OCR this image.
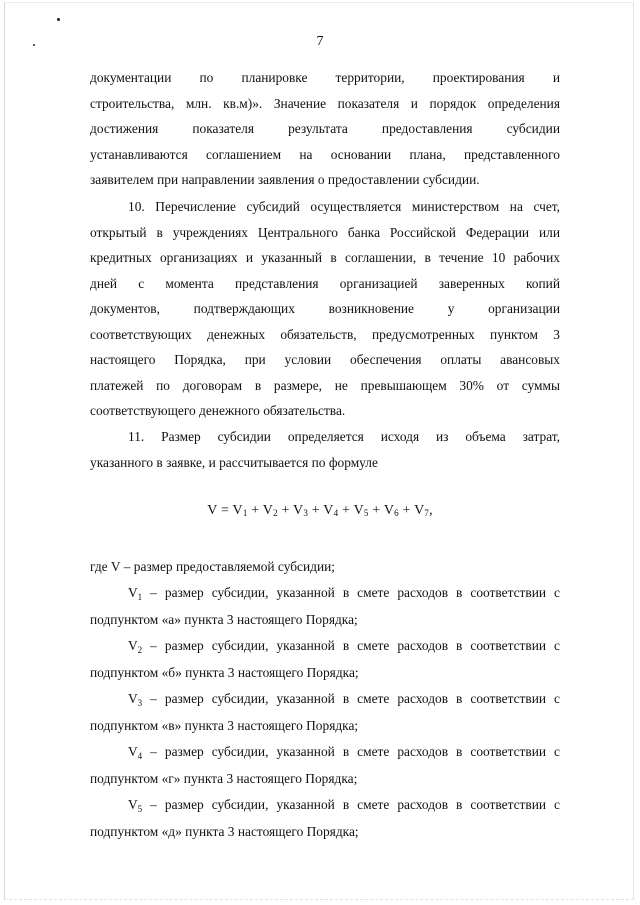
7
документации по планировке территории, проектирования и
строительства, млн. кв.м)». Значение показателя и порядок определения
достижения показателя результата предоставления субсидии
устанавливаются соглашением на основании плана, представленного
заявителем при направлении заявления о предоставлении субсидии.
10. Перечисление субсидий осуществляется министерством на счет,
открытый в учреждениях Центрального банка Российской Федерации или
кредитных организациях и указанный в соглашении, в течение 10 рабочих
дней с момента представления организацией заверенных копий
документов, подтверждающих возникновение у организации
соответствующих денежных обязательств, предусмотренных пунктом 3
настоящего Порядка, при условии обеспечения оплаты авансовых
платежей по договорам в размере, не превышающем 30% от суммы
соответствующего денежного обязательства.
11. Размер субсидии определяется исходя из объема затрат,
указанного в заявке, и рассчитывается по формуле
$V = V_1 + V_2 + V_3 + V_4 + V_5 + V_6 + V_7$,
где V – размер предоставляемой субсидии;
$V_1$ – размер субсидии, указанной в смете расходов в соответствии с
подпунктом «а» пункта 3 настоящего Порядка;
$V_2$ – размер субсидии, указанной в смете расходов в соответствии с
подпунктом «б» пункта 3 настоящего Порядка;
$V_3$ – размер субсидии, указанной в смете расходов в соответствии с
подпунктом «в» пункта 3 настоящего Порядка;
$V_4$ – размер субсидии, указанной в смете расходов в соответствии с
подпунктом «г» пункта 3 настоящего Порядка;
$V_5$ – размер субсидии, указанной в смете расходов в соответствии с
подпунктом «д» пункта 3 настоящего Порядка;
